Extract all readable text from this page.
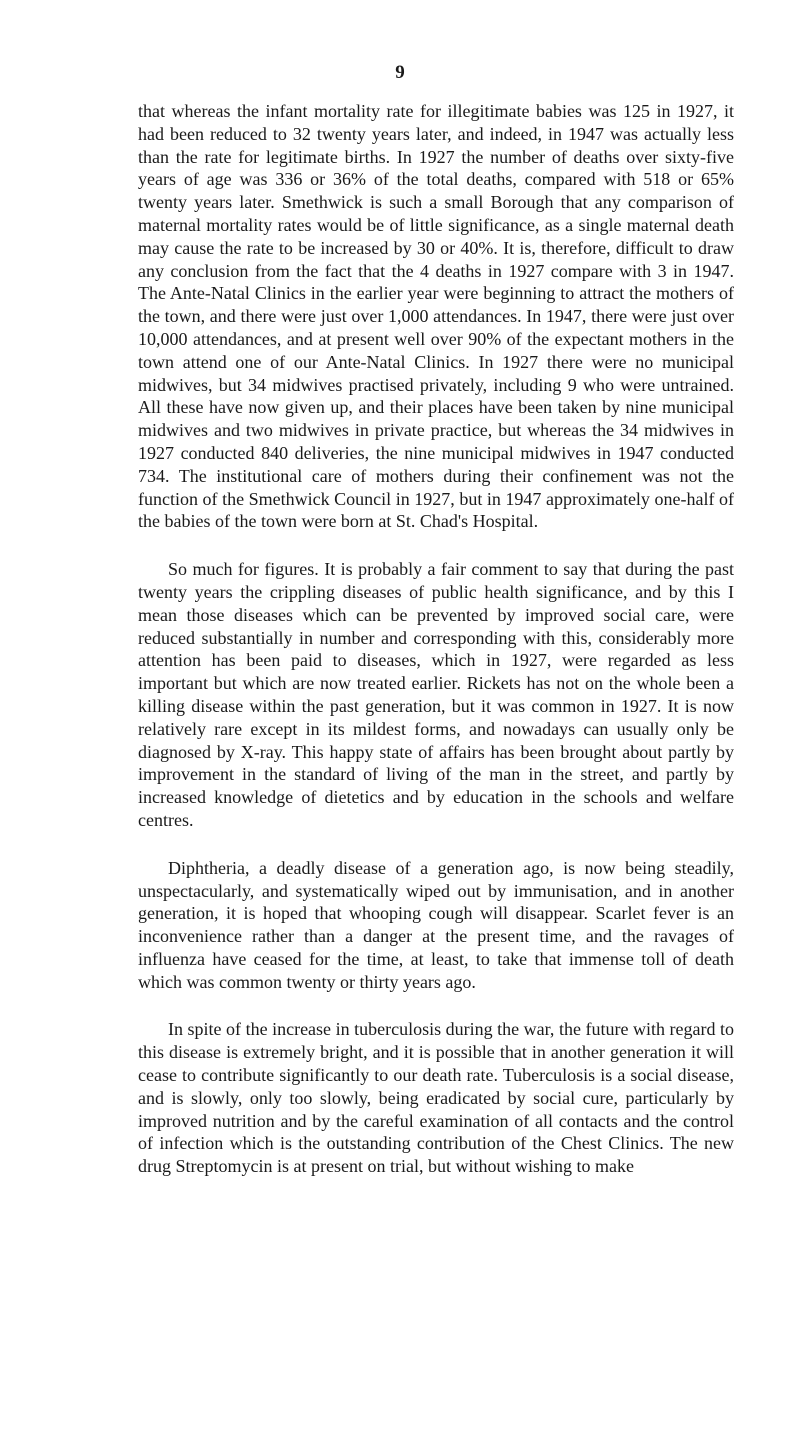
9

that whereas the infant mortality rate for illegitimate babies was 125 in 1927, it had been reduced to 32 twenty years later, and indeed, in 1947 was actually less than the rate for legitimate births. In 1927 the number of deaths over sixty-five years of age was 336 or 36% of the total deaths, compared with 518 or 65% twenty years later. Smethwick is such a small Borough that any comparison of maternal mortality rates would be of little significance, as a single maternal death may cause the rate to be increased by 30 or 40%. It is, therefore, difficult to draw any conclusion from the fact that the 4 deaths in 1927 compare with 3 in 1947. The Ante-Natal Clinics in the earlier year were beginning to attract the mothers of the town, and there were just over 1,000 attendances. In 1947, there were just over 10,000 attendances, and at present well over 90% of the expectant mothers in the town attend one of our Ante-Natal Clinics. In 1927 there were no municipal midwives, but 34 midwives practised privately, including 9 who were untrained. All these have now given up, and their places have been taken by nine municipal midwives and two midwives in private practice, but whereas the 34 midwives in 1927 conducted 840 deliveries, the nine municipal midwives in 1947 conducted 734. The institutional care of mothers during their confinement was not the function of the Smethwick Council in 1927, but in 1947 approximately one-half of the babies of the town were born at St. Chad's Hospital.

So much for figures. It is probably a fair comment to say that during the past twenty years the crippling diseases of public health significance, and by this I mean those diseases which can be prevented by improved social care, were reduced substantially in number and corresponding with this, considerably more attention has been paid to diseases, which in 1927, were regarded as less important but which are now treated earlier. Rickets has not on the whole been a killing disease within the past generation, but it was common in 1927. It is now relatively rare except in its mildest forms, and nowadays can usually only be diagnosed by X-ray. This happy state of affairs has been brought about partly by improvement in the standard of living of the man in the street, and partly by increased knowledge of dietetics and by education in the schools and welfare centres.

Diphtheria, a deadly disease of a generation ago, is now being steadily, unspectacularly, and systematically wiped out by immunisation, and in another generation, it is hoped that whooping cough will disappear. Scarlet fever is an inconvenience rather than a danger at the present time, and the ravages of influenza have ceased for the time, at least, to take that immense toll of death which was common twenty or thirty years ago.

In spite of the increase in tuberculosis during the war, the future with regard to this disease is extremely bright, and it is possible that in another generation it will cease to contribute significantly to our death rate. Tuberculosis is a social disease, and is slowly, only too slowly, being eradicated by social cure, particularly by improved nutrition and by the careful examination of all contacts and the control of infection which is the outstanding contribution of the Chest Clinics. The new drug Streptomycin is at present on trial, but without wishing to make
